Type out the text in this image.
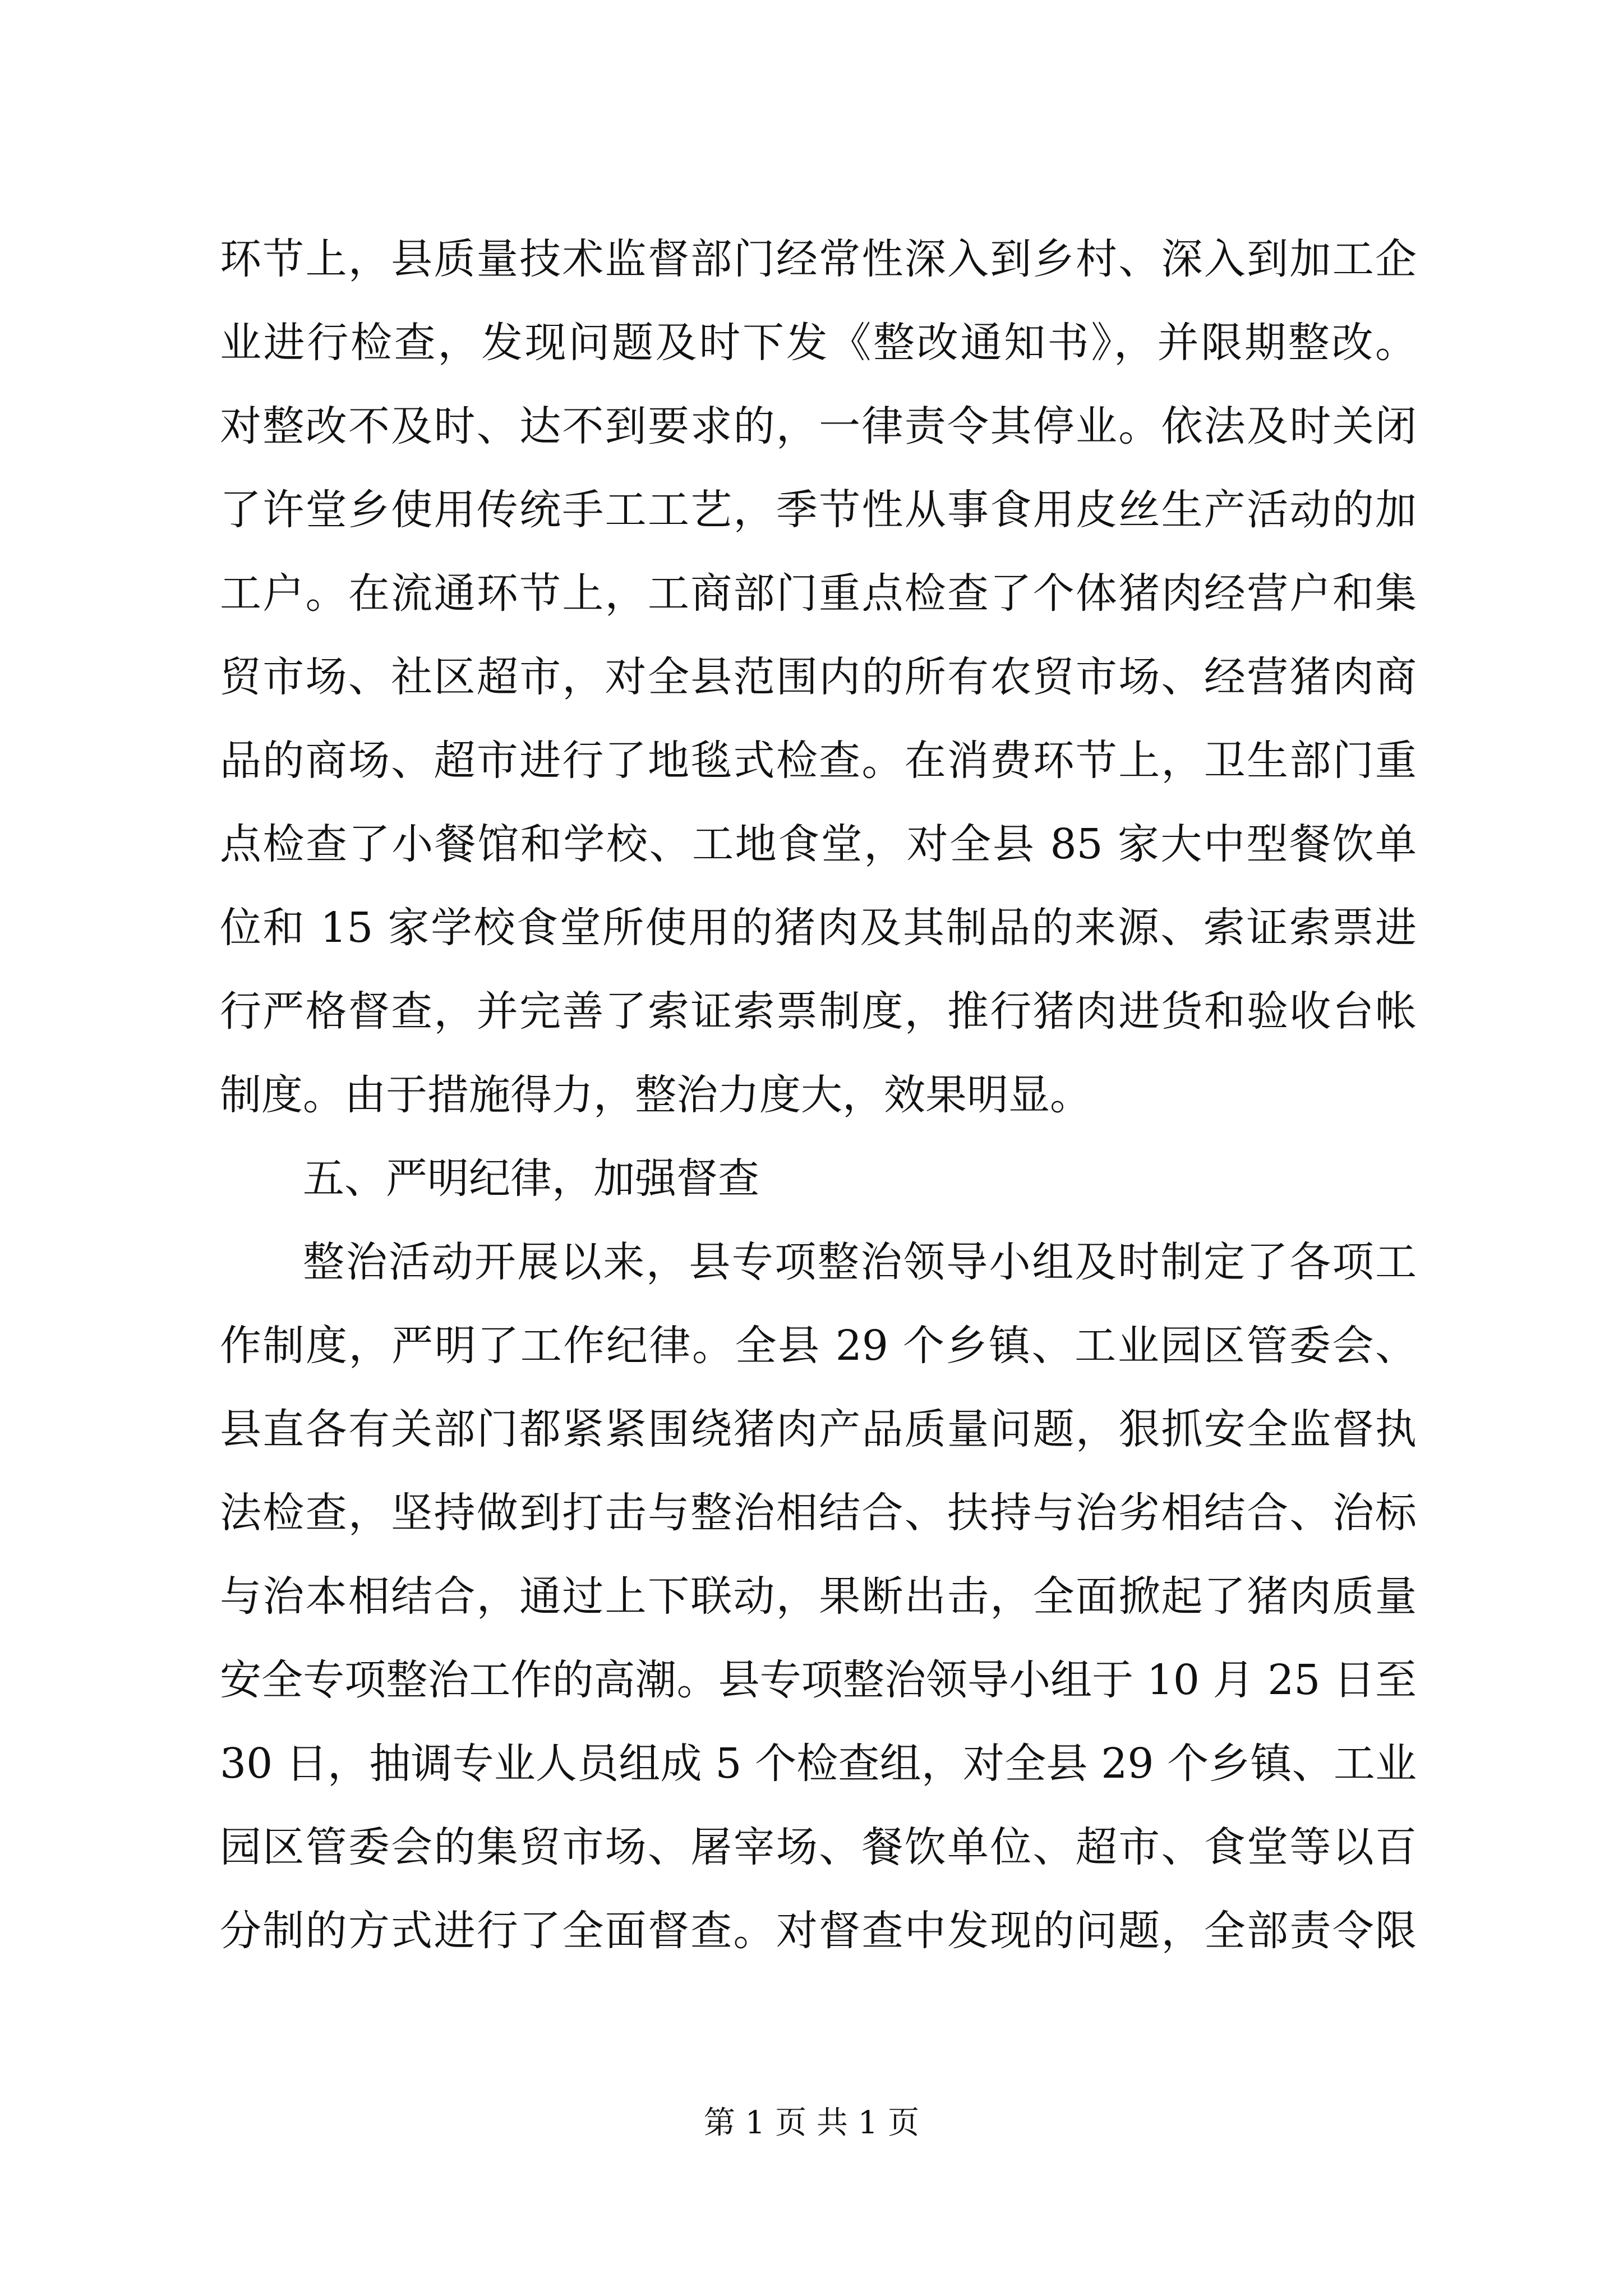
环节上，县质量技术监督部门经常性深入到乡村、深入到加工企
业进行检查，发现问题及时下发《整改通知书》，并限期整改。
对整改不及时、达不到要求的，一律责令其停业。依法及时关闭
了许堂乡使用传统手工工艺，季节性从事食用皮丝生产活动的加
工户。在流通环节上，工商部门重点检查了个体猪肉经营户和集
贸市场、社区超市，对全县范围内的所有农贸市场、经营猪肉商
品的商场、超市进行了地毯式检查。在消费环节上，卫生部门重
点检查了小餐馆和学校、工地食堂，对全县 85 家大中型餐饮单
位和 15 家学校食堂所使用的猪肉及其制品的来源、索证索票进
行严格督查，并完善了索证索票制度，推行猪肉进货和验收台帐
制度。由于措施得力，整治力度大，效果明显。
五、严明纪律，加强督查
整治活动开展以来，县专项整治领导小组及时制定了各项工
作制度，严明了工作纪律。全县 29 个乡镇、工业园区管委会、
县直各有关部门都紧紧围绕猪肉产品质量问题，狠抓安全监督执
法检查，坚持做到打击与整治相结合、扶持与治劣相结合、治标
与治本相结合，通过上下联动，果断出击，全面掀起了猪肉质量
安全专项整治工作的高潮。县专项整治领导小组于 10 月 25 日至
30 日，抽调专业人员组成 5 个检查组，对全县 29 个乡镇、工业
园区管委会的集贸市场、屠宰场、餐饮单位、超市、食堂等以百
分制的方式进行了全面督查。对督查中发现的问题，全部责令限
第 1 页 共 1 页
